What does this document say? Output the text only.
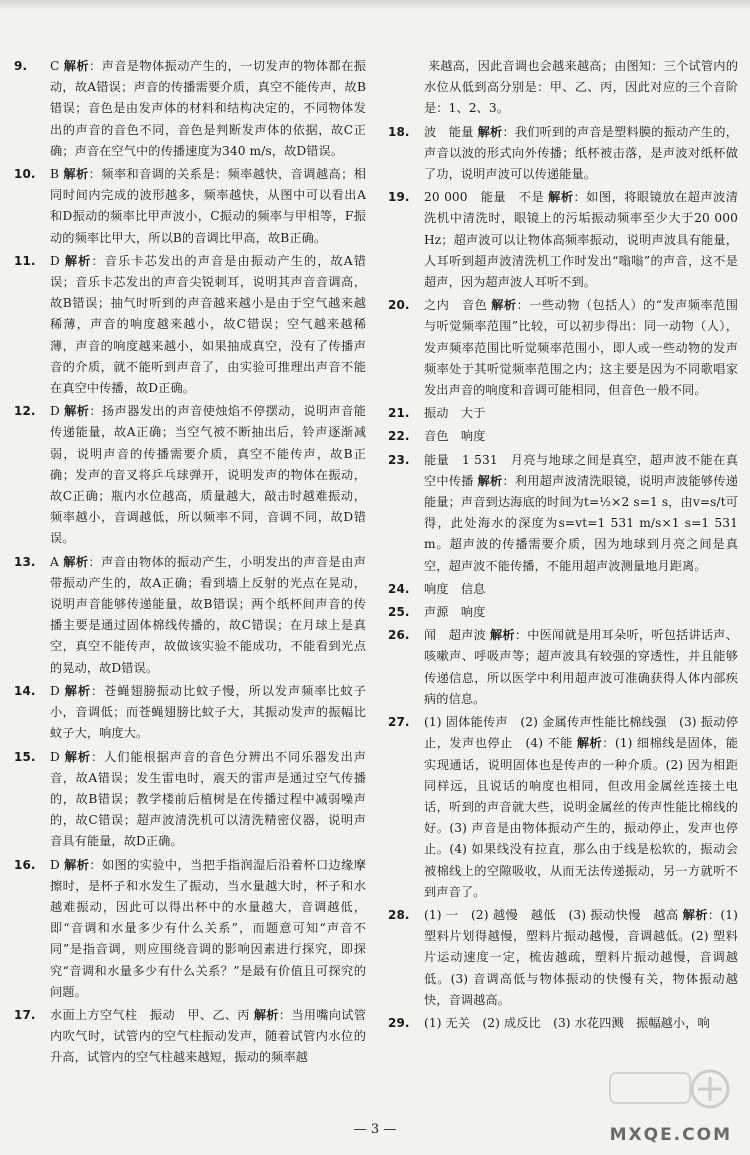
9. C 解析：声音是物体振动产生的，一切发声的物体都在振动，故A错误；声音的传播需要介质，真空不能传声，故B错误；音色是由发声体的材料和结构决定的，不同物体发出的声音的音色不同，音色是判断发声体的依据，故C正确；声音在空气中的传播速度为340 m/s，故D错误。
10. B 解析：频率和音调的关系是：频率越快，音调越高；相同时间内完成的波形越多，频率越快，从图中可以看出A和D振动的频率比甲声波小，C振动的频率与甲相等，F振动的频率比甲大，所以B的音调比甲高，故B正确。
11. D 解析：音乐卡芯发出的声音是由振动产生的，故A错误；音乐卡芯发出的声音尖锐刺耳，说明其声音音调高，故B错误；抽气时听到的声音越来越小是由于空气越来越稀薄，声音的响度越来越小，故C错误；空气越来越稀薄，声音的响度越来越小，如果抽成真空，没有了传播声音的介质，就不能听到声音了，由实验可推理出声音不能在真空中传播，故D正确。
12. D 解析：扬声器发出的声音使烛焰不停摆动，说明声音能传递能量，故A正确；当空气被不断抽出后，铃声逐渐减弱，说明声音的传播需要介质，真空不能传声，故B正确；发声的音叉将乒乓球弹开，说明发声的物体在振动，故C正确；瓶内水位越高，质量越大，敲击时越难振动，频率越小，音调越低，所以频率不同，音调不同，故D错误。
13. A 解析：声音由物体的振动产生，小明发出的声音是由声带振动产生的，故A正确；看到墙上反射的光点在晃动，说明声音能够传递能量，故B错误；两个纸杯间声音的传播主要是通过固体棉线传播的，故C错误；在月球上是真空，真空不能传声，故做该实验不能成功，不能看到光点的晃动，故D错误。
14. D 解析：苍蝇翅膀振动比蚊子慢，所以发声频率比蚊子小，音调低；而苍蝇翅膀比蚊子大，其振动发声的振幅比蚊子大，响度大。
15. D 解析：人们能根据声音的音色分辨出不同乐器发出声音，故A错误；发生雷电时，震天的雷声是通过空气传播的，故B错误；教学楼前后植树是在传播过程中减弱噪声的，故C错误；超声波清洗机可以清洗精密仪器，说明声音具有能量，故D正确。
16. D 解析：如图的实验中，当把手指润湿后沿着杯口边缘摩擦时，是杯子和水发生了振动，当水量越大时，杯子和水越难振动，因此可以得出杯中的水量越大，音调越低，即“音调和水量多少有什么关系”，而题意可知“声音不同”是指音调，则应围绕音调的影响因素进行探究，即探究“音调和水量多少有什么关系？”是最有价值且可探究的问题。
17. 水面上方空气柱　振动　甲、乙、丙 解析：当用嘴向试管内吹气时，试管内的空气柱振动发声，随着试管内水位的升高，试管内的空气柱越来越短，振动的频率越
来越高，因此音调也会越来越高；由图知：三个试管内的水位从低到高分别是：甲、乙、丙，因此对应的三个音阶是：1、2、3。
18. 波　能量 解析：我们听到的声音是塑料膜的振动产生的，声音以波的形式向外传播；纸杯被击落，是声波对纸杯做了功，说明声波可以传递能量。
19. 20 000　能量　不是 解析：如图，将眼镜放在超声波清洗机中清洗时，眼镜上的污垢振动频率至少大于20 000 Hz；超声波可以让物体高频率振动，说明声波具有能量，人耳听到超声波清洗机工作时发出“嗡嗡”的声音，这不是超声，因为超声波人耳听不到。
20. 之内　音色 解析：一些动物（包括人）的“发声频率范围与听觉频率范围”比较，可以初步得出：同一动物（人），发声频率范围比听觉频率范围小，即人或一些动物的发声频率处于其听觉频率范围之内；这主要是因为不同歌唱家发出声音的响度和音调可能相同，但音色一般不同。
21. 振动　大于
22. 音色　响度
23. 能量　1 531　月亮与地球之间是真空，超声波不能在真空中传播 解析：利用超声波清洗眼镜，说明声波能够传递能量；声音到达海底的时间为t=½×2 s=1 s，由v=s/t可得，此处海水的深度为s=vt=1 531 m/s×1 s=1 531 m。超声波的传播需要介质，因为地球到月亮之间是真空，超声波不能传播，不能用超声波测量地月距离。
24. 响度　信息
25. 声源　响度
26. 闻　超声波 解析：中医闻就是用耳朵听，听包括讲话声、咳嗽声、呼吸声等；超声波具有较强的穿透性，并且能够传递信息，所以医学中利用超声波可准确获得人体内部疾病的信息。
27. (1) 固体能传声　(2) 金属传声性能比棉线强　(3) 振动停止，发声也停止　(4) 不能 解析：(1) 细棉线是固体，能实现通话，说明固体也是传声的一种介质。(2) 因为相距同样远，且说话的响度也相同，但改用金属丝连接土电话，听到的声音就大些，说明金属丝的传声性能比棉线的好。(3) 声音是由物体振动产生的，振动停止，发声也停止。(4) 如果线没有拉直，那么由于线是松软的，振动会被棉线上的空隙吸收，从而无法传递振动，另一方就听不到声音了。
28. (1) 一　(2) 越慢　越低　(3) 振动快慢　越高 解析：(1) 塑料片划得越慢，塑料片振动越慢，音调越低。(2) 塑料片运动速度一定，梳齿越疏，塑料片振动越慢，音调越低。(3) 音调高低与物体振动的快慢有关，物体振动越快，音调越高。
29. (1) 无关　(2) 成反比　(3) 水花四溅　振幅越小，响
— 3 —	MXQE.COM
